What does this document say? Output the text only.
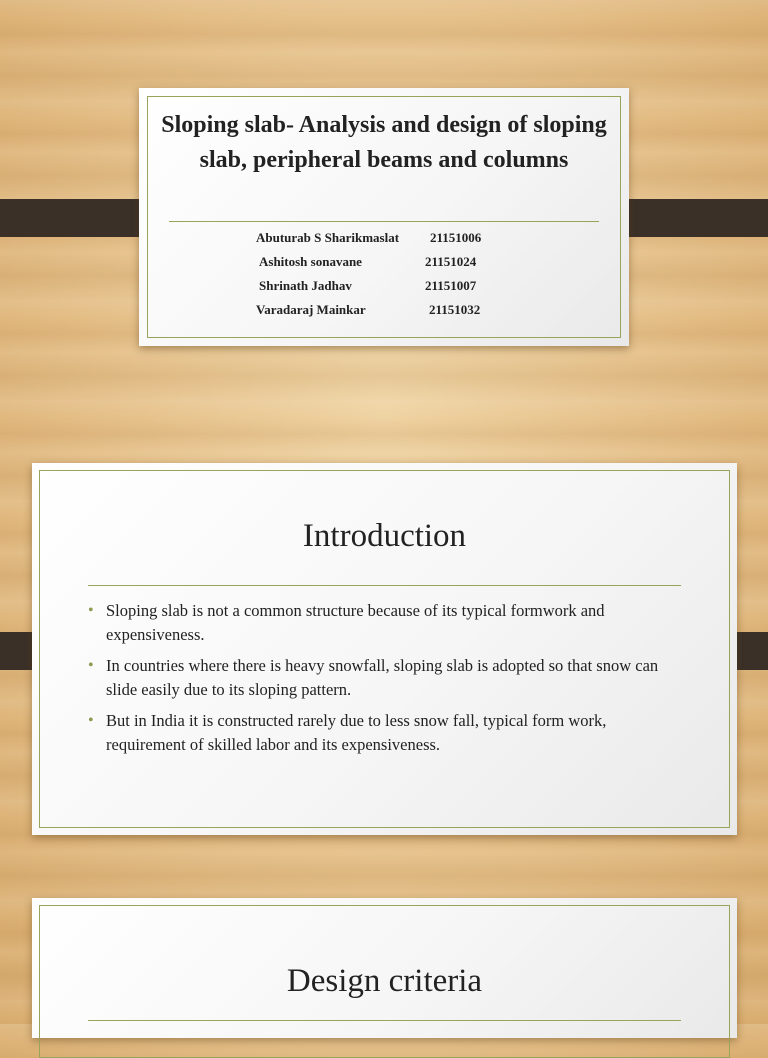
Sloping slab- Analysis and design of sloping slab, peripheral beams and columns
Abuturab S Sharikmaslat 21151006
Ashitosh sonavane	21151024
Shrinath Jadhav	21151007
Varadaraj Mainkar	21151032
Introduction
• Sloping slab is not a common structure because of its typical formwork and expensiveness.
• In countries where there is heavy snowfall, sloping slab is adopted so that snow can slide easily due to its sloping pattern.
• But in India it is constructed rarely due to less snow fall, typical form work, requirement of skilled labor and its expensiveness.
Design criteria
